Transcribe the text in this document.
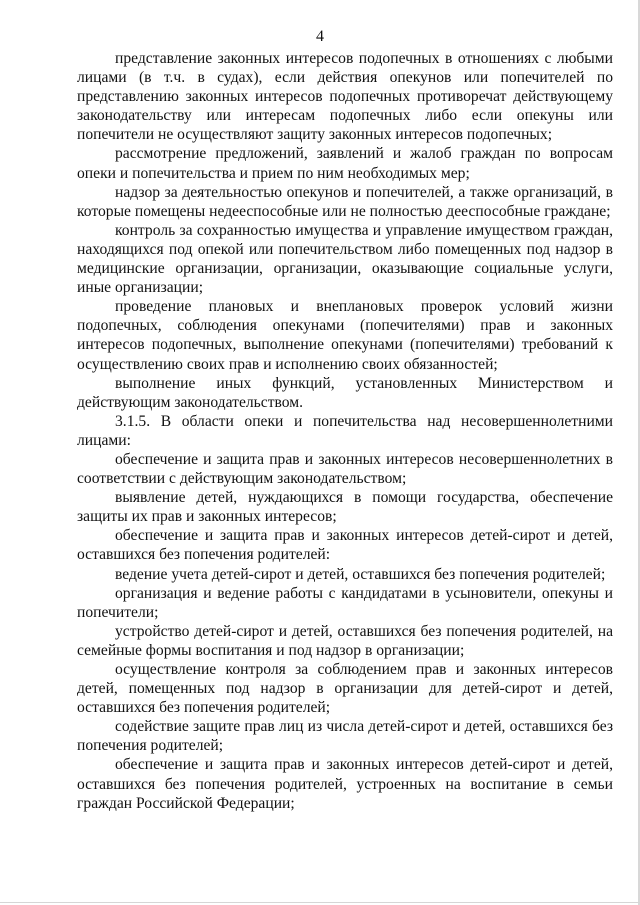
4

представление законных интересов подопечных в отношениях с любыми лицами (в т.ч. в судах), если действия опекунов или попечителей по представлению законных интересов подопечных противоречат действующему законодательству или интересам подопечных либо если опекуны или попечители не осуществляют защиту законных интересов подопечных;

рассмотрение предложений, заявлений и жалоб граждан по вопросам опеки и попечительства и прием по ним необходимых мер;

надзор за деятельностью опекунов и попечителей, а также организаций, в которые помещены недееспособные или не полностью дееспособные граждане;

контроль за сохранностью имущества и управление имуществом граждан, находящихся под опекой или попечительством либо помещенных под надзор в медицинские организации, организации, оказывающие социальные услуги, иные организации;

проведение плановых и внеплановых проверок условий жизни подопечных, соблюдения опекунами (попечителями) прав и законных интересов подопечных, выполнение опекунами (попечителями) требований к осуществлению своих прав и исполнению своих обязанностей;

выполнение иных функций, установленных Министерством и действующим законодательством.

3.1.5. В области опеки и попечительства над несовершеннолетними лицами:

обеспечение и защита прав и законных интересов несовершеннолетних в соответствии с действующим законодательством;

выявление детей, нуждающихся в помощи государства, обеспечение защиты их прав и законных интересов;

обеспечение и защита прав и законных интересов детей-сирот и детей, оставшихся без попечения родителей:

ведение учета детей-сирот и детей, оставшихся без попечения родителей;

организация и ведение работы с кандидатами в усыновители, опекуны и попечители;

устройство детей-сирот и детей, оставшихся без попечения родителей, на семейные формы воспитания и под надзор в организации;

осуществление контроля за соблюдением прав и законных интересов детей, помещенных под надзор в организации для детей-сирот и детей, оставшихся без попечения родителей;

содействие защите прав лиц из числа детей-сирот и детей, оставшихся без попечения родителей;

обеспечение и защита прав и законных интересов детей-сирот и детей, оставшихся без попечения родителей, устроенных на воспитание в семьи граждан Российской Федерации;
